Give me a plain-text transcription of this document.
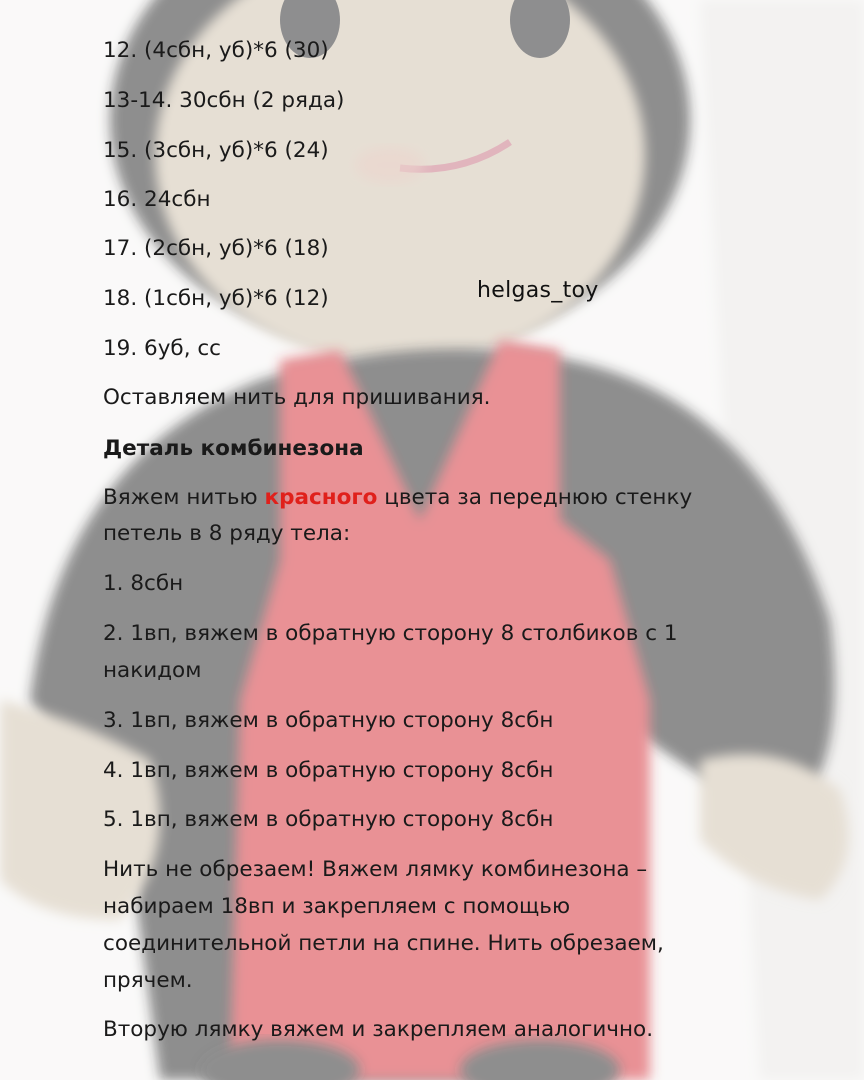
helgas_toy
12. (4сбн, уб)*6 (30)
13-14. 30сбн (2 ряда)
15. (3сбн, уб)*6 (24)
16. 24сбн
17. (2сбн, уб)*6 (18)
18. (1сбн, уб)*6 (12)
19. 6уб, сс
Оставляем нить для пришивания.
Деталь комбинезона
Вяжем нитью красного цвета за переднюю стенку
петель в 8 ряду тела:
1. 8сбн
2. 1вп, вяжем в обратную сторону 8 столбиков с 1
накидом
3. 1вп, вяжем в обратную сторону 8сбн
4. 1вп, вяжем в обратную сторону 8сбн
5. 1вп, вяжем в обратную сторону 8сбн
Нить не обрезаем! Вяжем лямку комбинезона –
набираем 18вп и закрепляем с помощью
соединительной петли на спине. Нить обрезаем,
прячем.
Вторую лямку вяжем и закрепляем аналогично.
